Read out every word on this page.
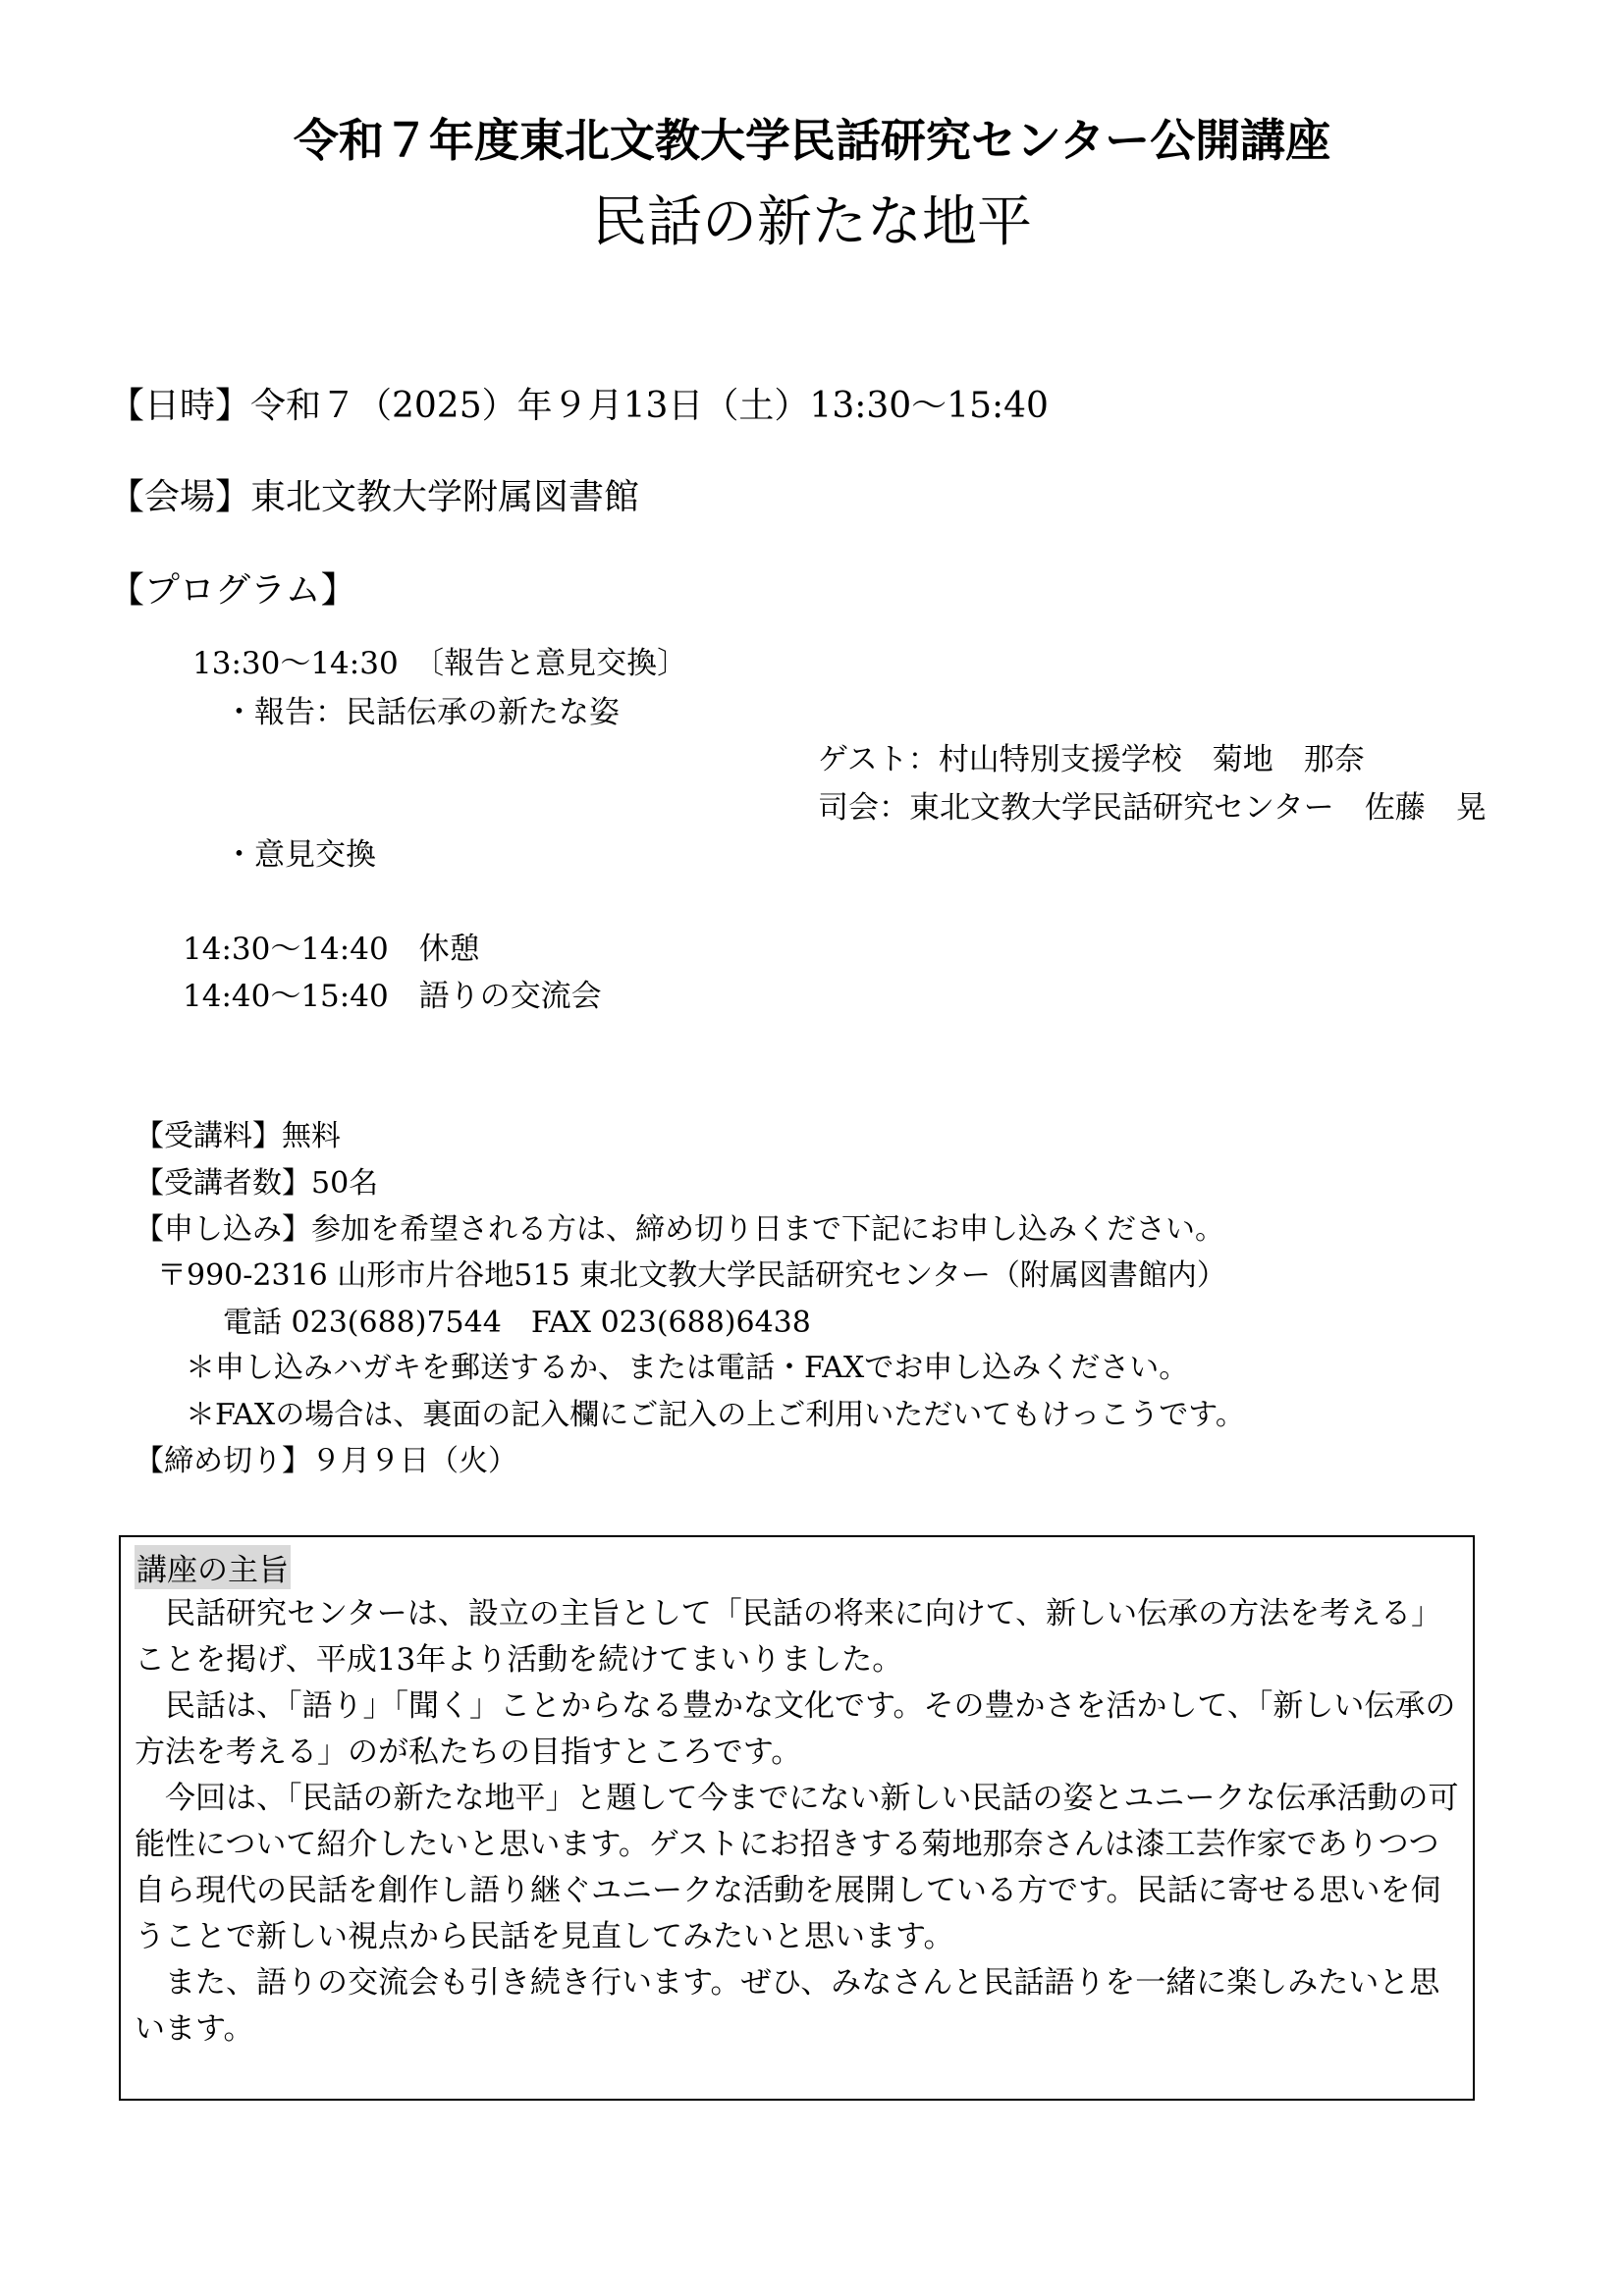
令和７年度東北文教大学民話研究センター公開講座
民話の新たな地平
【日時】令和７（2025）年９月13日（土）13:30〜15:40
【会場】東北文教大学附属図書館
【プログラム】
13:30〜14:30　〔報告と意見交換〕
・報告：民話伝承の新たな姿
ゲスト：村山特別支援学校　菊地　那奈
司会：東北文教大学民話研究センター　佐藤　晃
・意見交換
14:30〜14:40　休憩
14:40〜15:40　語りの交流会
【受講料】無料
【受講者数】50名
【申し込み】参加を希望される方は、締め切り日まで下記にお申し込みください。
〒990-2316 山形市片谷地515 東北文教大学民話研究センター（附属図書館内）
電話 023(688)7544　FAX 023(688)6438
＊申し込みハガキを郵送するか、または電話・FAXでお申し込みください。
＊FAXの場合は、裏面の記入欄にご記入の上ご利用いただいてもけっこうです。
【締め切り】９月９日（火）
講座の主旨
民話研究センターは、設立の主旨として「民話の将来に向けて、新しい伝承の方法を考える」ことを掲げ、平成13年より活動を続けてまいりました。
民話は、「語り」「聞く」ことからなる豊かな文化です。その豊かさを活かして、「新しい伝承の方法を考える」のが私たちの目指すところです。
今回は、「民話の新たな地平」と題して今までにない新しい民話の姿とユニークな伝承活動の可能性について紹介したいと思います。ゲストにお招きする菊地那奈さんは漆工芸作家でありつつ自ら現代の民話を創作し語り継ぐユニークな活動を展開している方です。民話に寄せる思いを伺うことで新しい視点から民話を見直してみたいと思います。
また、語りの交流会も引き続き行います。ぜひ、みなさんと民話語りを一緒に楽しみたいと思います。
